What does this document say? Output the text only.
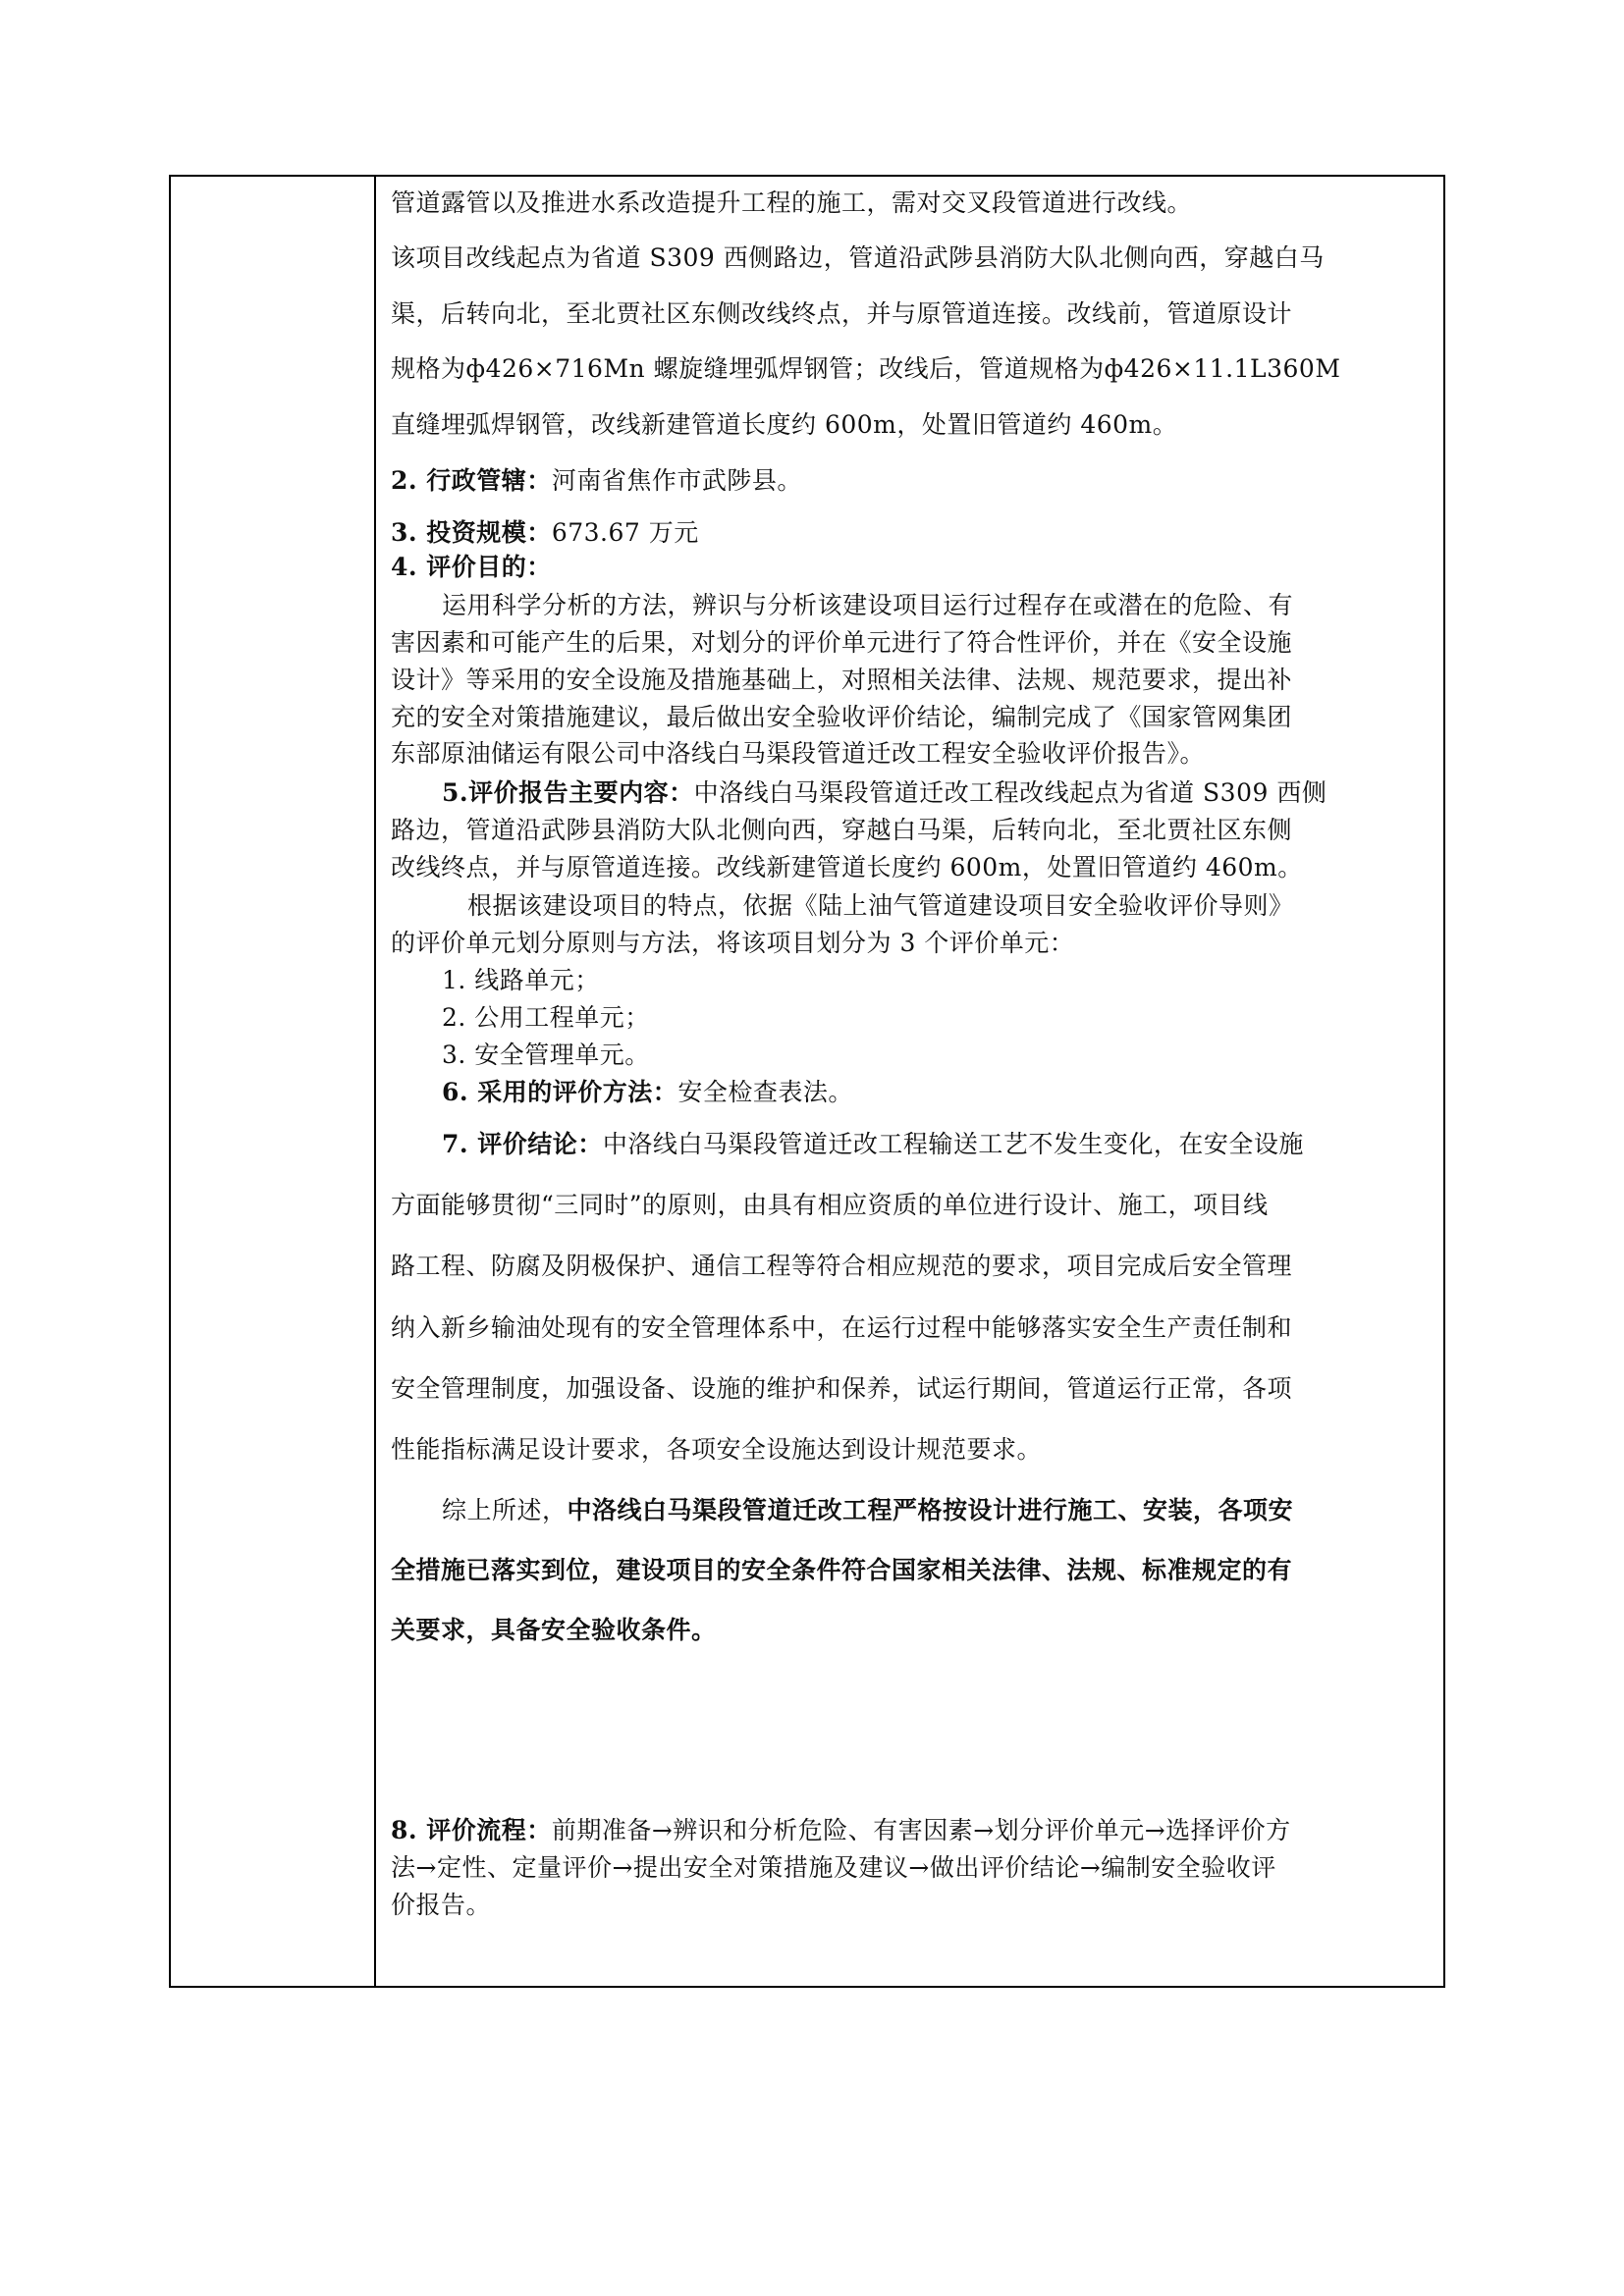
管道露管以及推进水系改造提升工程的施工，需对交叉段管道进行改线。
该项目改线起点为省道 S309 西侧路边，管道沿武陟县消防大队北侧向西，穿越白马
渠，后转向北，至北贾社区东侧改线终点，并与原管道连接。改线前，管道原设计
规格为ф426×716Mn 螺旋缝埋弧焊钢管；改线后，管道规格为ф426×11.1L360M
直缝埋弧焊钢管，改线新建管道长度约 600m，处置旧管道约 460m。
2. 行政管辖：河南省焦作市武陟县。
3. 投资规模：673.67 万元
4. 评价目的：
运用科学分析的方法，辨识与分析该建设项目运行过程存在或潜在的危险、有
害因素和可能产生的后果，对划分的评价单元进行了符合性评价，并在《安全设施
设计》等采用的安全设施及措施基础上，对照相关法律、法规、规范要求，提出补
充的安全对策措施建议，最后做出安全验收评价结论，编制完成了《国家管网集团
东部原油储运有限公司中洛线白马渠段管道迁改工程安全验收评价报告》。
5.评价报告主要内容：中洛线白马渠段管道迁改工程改线起点为省道 S309 西侧
路边，管道沿武陟县消防大队北侧向西，穿越白马渠，后转向北，至北贾社区东侧
改线终点，并与原管道连接。改线新建管道长度约 600m，处置旧管道约 460m。
根据该建设项目的特点，依据《陆上油气管道建设项目安全验收评价导则》
的评价单元划分原则与方法，将该项目划分为 3 个评价单元：
1. 线路单元；
2. 公用工程单元；
3. 安全管理单元。
6. 采用的评价方法：安全检查表法。
7. 评价结论：中洛线白马渠段管道迁改工程输送工艺不发生变化，在安全设施
方面能够贯彻“三同时”的原则，由具有相应资质的单位进行设计、施工，项目线
路工程、防腐及阴极保护、通信工程等符合相应规范的要求，项目完成后安全管理
纳入新乡输油处现有的安全管理体系中，在运行过程中能够落实安全生产责任制和
安全管理制度，加强设备、设施的维护和保养，试运行期间，管道运行正常，各项
性能指标满足设计要求，各项安全设施达到设计规范要求。
综上所述，中洛线白马渠段管道迁改工程严格按设计进行施工、安装，各项安
全措施已落实到位，建设项目的安全条件符合国家相关法律、法规、标准规定的有
关要求，具备安全验收条件。
8. 评价流程：前期准备→辨识和分析危险、有害因素→划分评价单元→选择评价方
法→定性、定量评价→提出安全对策措施及建议→做出评价结论→编制安全验收评
价报告。
